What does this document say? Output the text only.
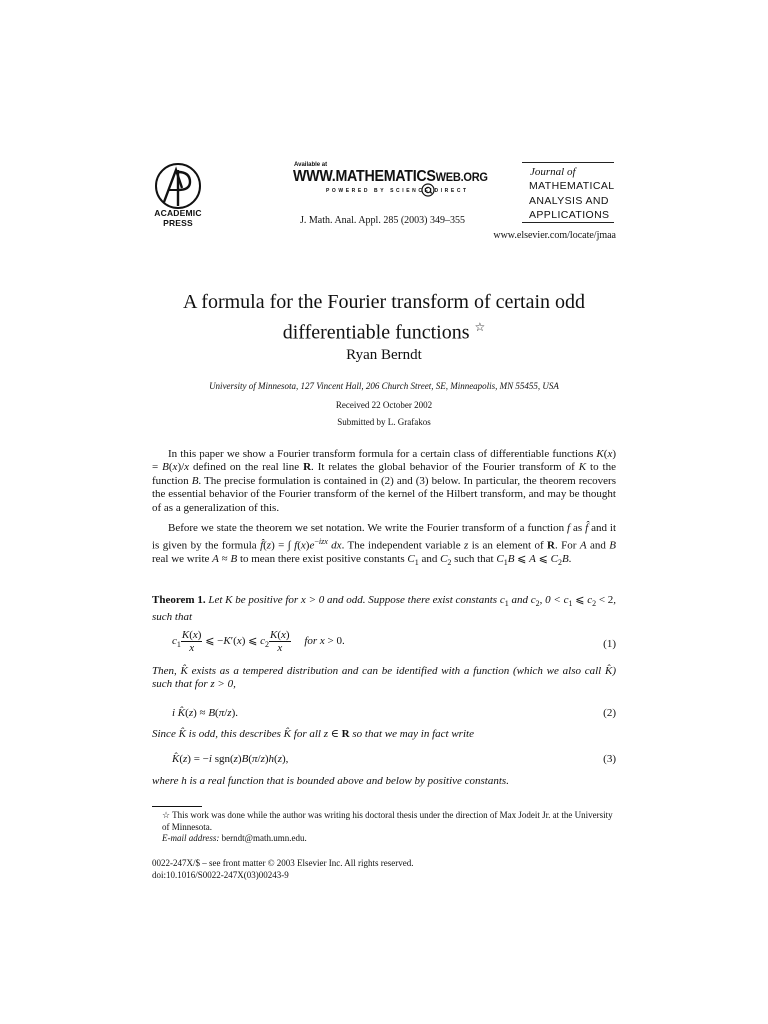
ACADEMIC
PRESS
Available at
WWW.MATHEMATICSWEB.ORG
POWERED BY SCIENCE DIRECT
J. Math. Anal. Appl. 285 (2003) 349–355
Journal of
MATHEMATICAL
ANALYSIS AND
APPLICATIONS
www.elsevier.com/locate/jmaa
A formula for the Fourier transform of certain odd
differentiable functions ☆
Ryan Berndt
University of Minnesota, 127 Vincent Hall, 206 Church Street, SE, Minneapolis, MN 55455, USA
Received 22 October 2002
Submitted by L. Grafakos

In this paper we show a Fourier transform formula for a certain class of differentiable functions K(x) = B(x)/x defined on the real line R. It relates the global behavior of the Fourier transform of K to the function B. The precise formulation is contained in (2) and (3) below. In particular, the theorem recovers the essential behavior of the Fourier transform of the kernel of the Hilbert transform, and may be thought of as a generalization of this.

Before we state the theorem we set notation. We write the Fourier transform of a function f as f̂ and it is given by the formula f̂(z) = ∫ $f(x)e^{-izx}$ dx. The independent variable z is an element of R. For A and B real we write A ≈ B to mean there exist positive constants $C_1$ and $C_2$ such that $C_1B$ ⩽ A ⩽ $C_2B$.

Theorem 1. Let K be positive for x > 0 and odd. Suppose there exist constants $c_1$ and $c_2$, $0 < c_1$ ⩽ $c_2 < 2$, such that
$c_1 \frac{K(x)}{x}$ ⩽ −K′(x) ⩽ $c_2 \frac{K(x)}{x}$ for x > 0.	(1)
Then, K̂ exists as a tempered distribution and can be identified with a function (which we also call K̂) such that for z > 0,
i K̂(z) ≈ B(π/z).	(2)
Since K̂ is odd, this describes K̂ for all z ∈ R so that we may in fact write
K̂(z) = −i sgn(z)B(π/z)h(z),	(3)
where h is a real function that is bounded above and below by positive constants.
☆ This work was done while the author was writing his doctoral thesis under the direction of Max Jodeit Jr. at the University of Minnesota.
E-mail address: berndt@math.umn.edu.
0022-247X/$ – see front matter © 2003 Elsevier Inc. All rights reserved.
doi:10.1016/S0022-247X(03)00243-9
